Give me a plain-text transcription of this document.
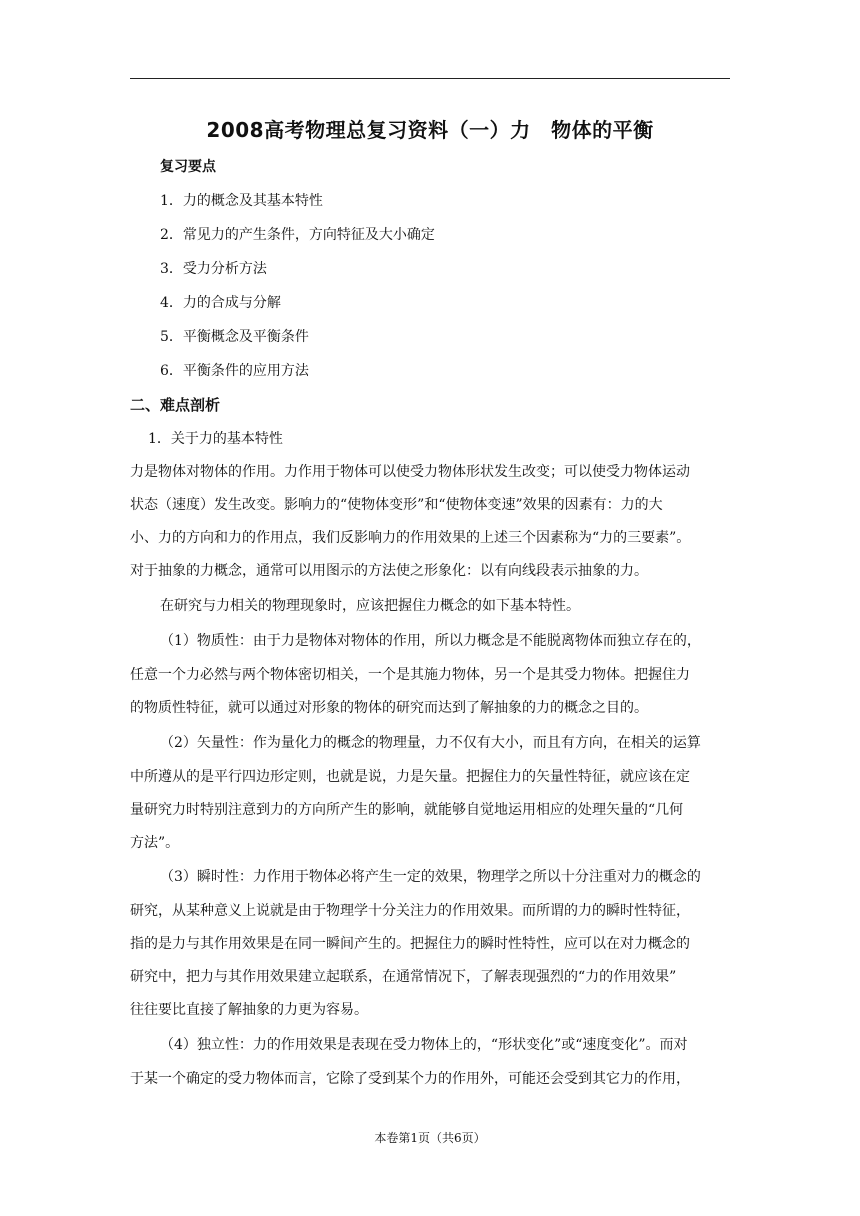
2008高考物理总复习资料（一）力　物体的平衡
复习要点
1．力的概念及其基本特性
2．常见力的产生条件，方向特征及大小确定
3．受力分析方法
4．力的合成与分解
5．平衡概念及平衡条件
6．平衡条件的应用方法
二、难点剖析
1．关于力的基本特性
力是物体对物体的作用。力作用于物体可以使受力物体形状发生改变；可以使受力物体运动
状态（速度）发生改变。影响力的“使物体变形”和“使物体变速”效果的因素有：力的大
小、力的方向和力的作用点，我们反影响力的作用效果的上述三个因素称为“力的三要素”。
对于抽象的力概念，通常可以用图示的方法使之形象化：以有向线段表示抽象的力。
在研究与力相关的物理现象时，应该把握住力概念的如下基本特性。
（1）物质性：由于力是物体对物体的作用，所以力概念是不能脱离物体而独立存在的，
任意一个力必然与两个物体密切相关，一个是其施力物体，另一个是其受力物体。把握住力
的物质性特征，就可以通过对形象的物体的研究而达到了解抽象的力的概念之目的。
（2）矢量性：作为量化力的概念的物理量，力不仅有大小，而且有方向，在相关的运算
中所遵从的是平行四边形定则，也就是说，力是矢量。把握住力的矢量性特征，就应该在定
量研究力时特别注意到力的方向所产生的影响，就能够自觉地运用相应的处理矢量的“几何
方法”。
（3）瞬时性：力作用于物体必将产生一定的效果，物理学之所以十分注重对力的概念的
研究，从某种意义上说就是由于物理学十分关注力的作用效果。而所谓的力的瞬时性特征，
指的是力与其作用效果是在同一瞬间产生的。把握住力的瞬时性特性，应可以在对力概念的
研究中，把力与其作用效果建立起联系，在通常情况下，了解表现强烈的“力的作用效果”
往往要比直接了解抽象的力更为容易。
（4）独立性：力的作用效果是表现在受力物体上的，“形状变化”或“速度变化”。而对
于某一个确定的受力物体而言，它除了受到某个力的作用外，可能还会受到其它力的作用，
本卷第1页（共6页）
